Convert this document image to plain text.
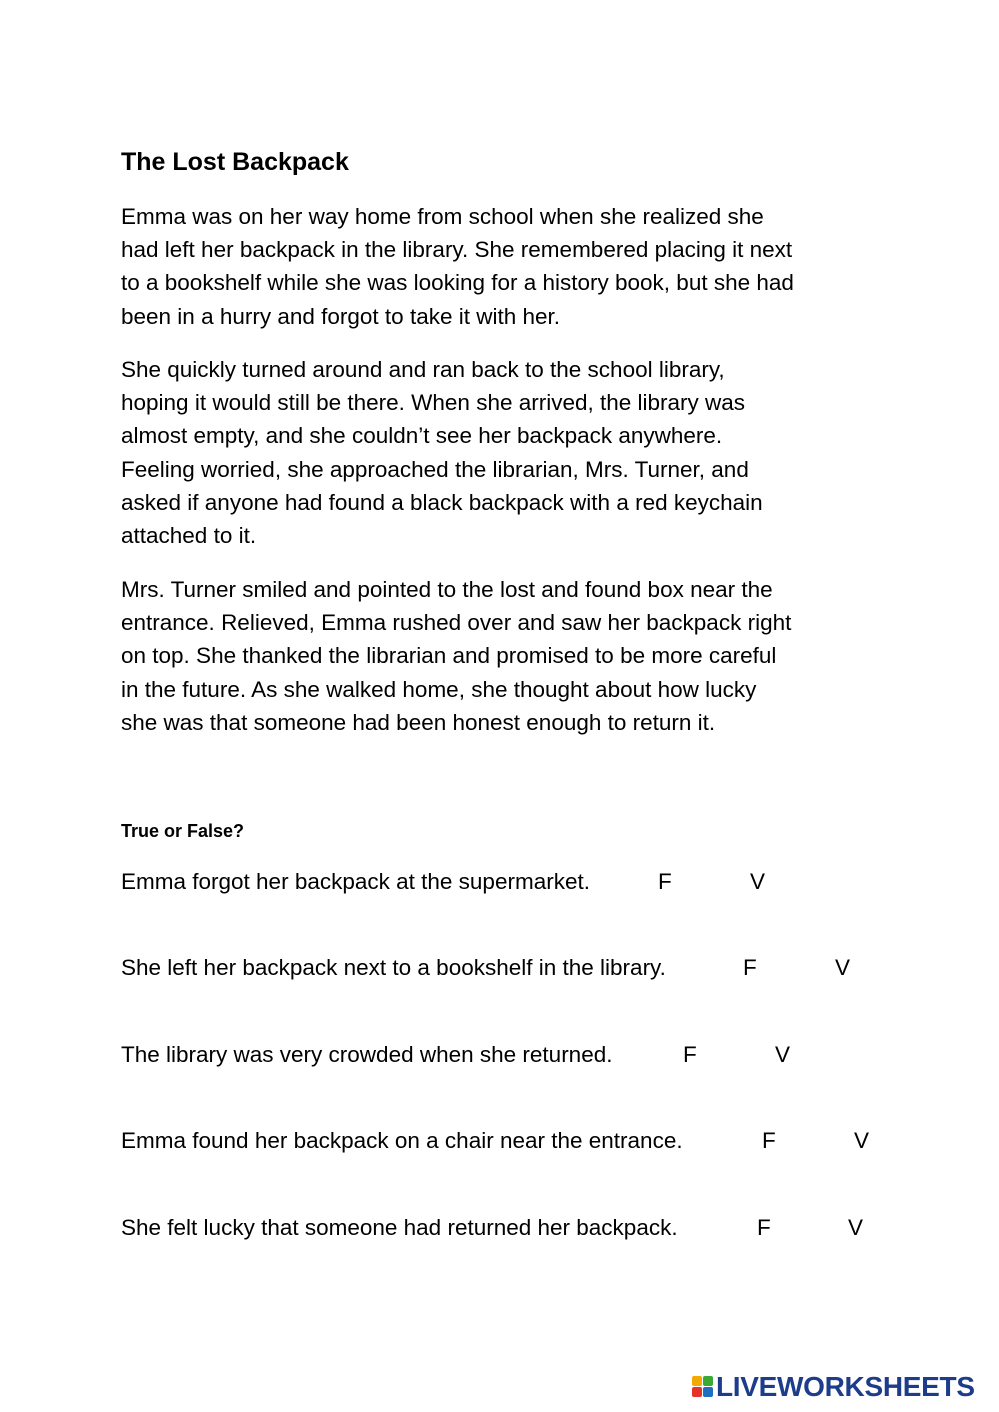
The Lost Backpack
Emma was on her way home from school when she realized she
had left her backpack in the library. She remembered placing it next
to a bookshelf while she was looking for a history book, but she had
been in a hurry and forgot to take it with her.
She quickly turned around and ran back to the school library,
hoping it would still be there. When she arrived, the library was
almost empty, and she couldn’t see her backpack anywhere.
Feeling worried, she approached the librarian, Mrs. Turner, and
asked if anyone had found a black backpack with a red keychain
attached to it.
Mrs. Turner smiled and pointed to the lost and found box near the
entrance. Relieved, Emma rushed over and saw her backpack right
on top. She thanked the librarian and promised to be more careful
in the future. As she walked home, she thought about how lucky
she was that someone had been honest enough to return it.
True or False?
Emma forgot her backpack at the supermarket.	F	V
She left her backpack next to a bookshelf in the library.	F	V
The library was very crowded when she returned.	F	V
Emma found her backpack on a chair near the entrance.	F	V
She felt lucky that someone had returned her backpack.	F	V
LIVEWORKSHEETS
